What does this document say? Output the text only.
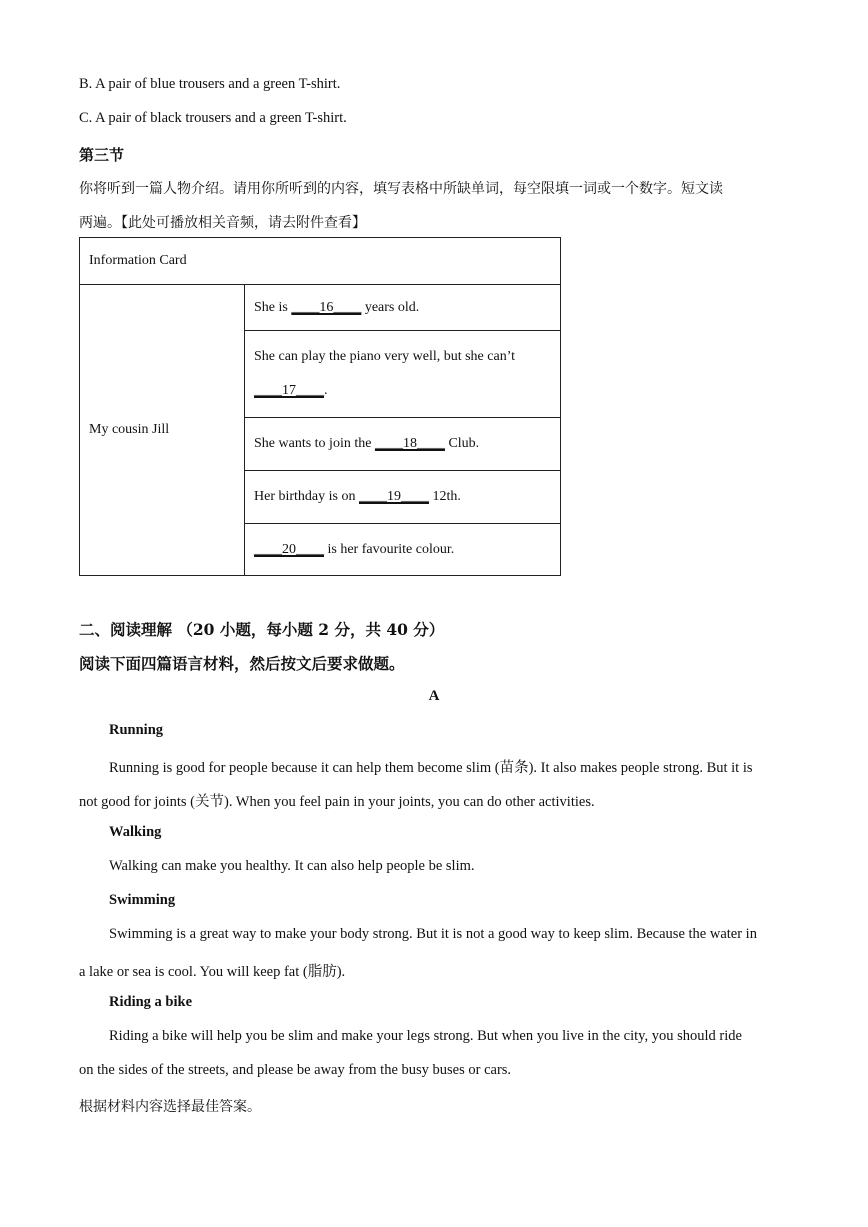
B. A pair of blue trousers and a green T-shirt.
C. A pair of black trousers and a green T-shirt.
第三节
你将听到一篇人物介绍。请用你所听到的内容，填写表格中所缺单词，每空限填一词或一个数字。短文读
两遍。【此处可播放相关音频，请去附件查看】
Information Card
My cousin Jill	She is ____16____ years old.
She can play the piano very well, but she can’t
____17____.
She wants to join the ____18____ Club.
Her birthday is on ____19____ 12th.
____20____ is her favourite colour.
二、阅读理解 （20 小题，每小题 2 分，共 40 分）
阅读下面四篇语言材料，然后按文后要求做题。
A
Running
Running is good for people because it can help them become slim (苗条). It also makes people strong. But it is
not good for joints (关节). When you feel pain in your joints, you can do other activities.
Walking
Walking can make you healthy. It can also help people be slim.
Swimming
Swimming is a great way to make your body strong. But it is not a good way to keep slim. Because the water in
a lake or sea is cool. You will keep fat (脂肪).
Riding a bike
Riding a bike will help you be slim and make your legs strong. But when you live in the city, you should ride
on the sides of the streets, and please be away from the busy buses or cars.
根据材料内容选择最佳答案。
